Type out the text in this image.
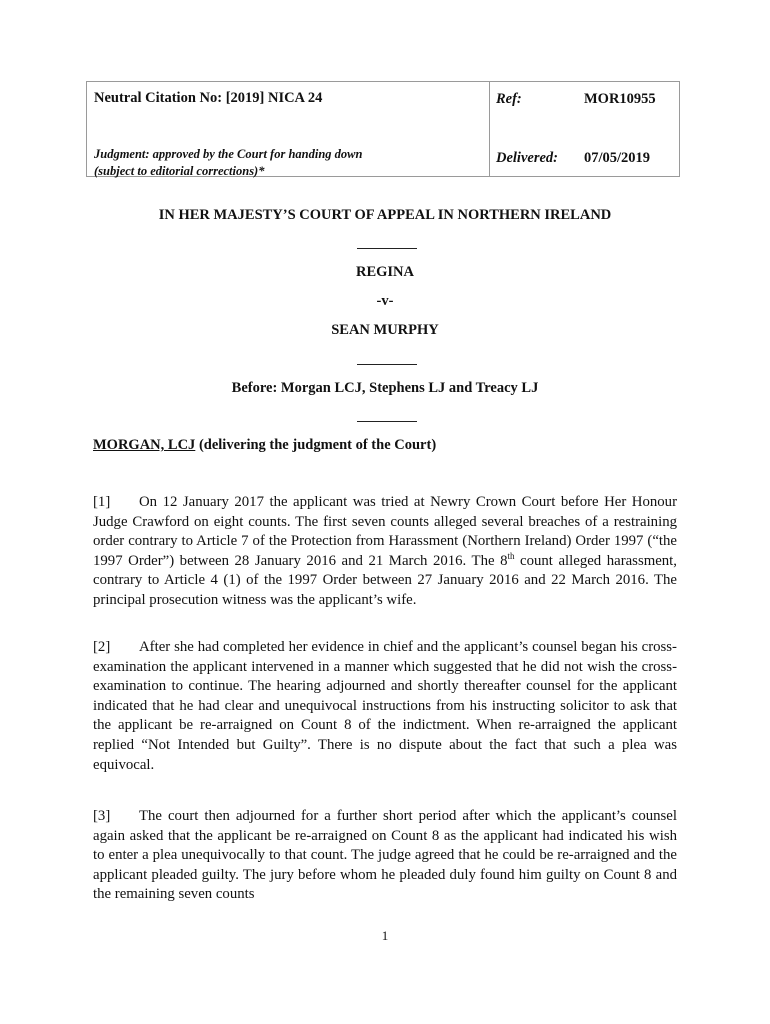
Neutral Citation No: [2019] NICA 24
Judgment: approved by the Court for handing down
(subject to editorial corrections)*
Ref:	MOR10955
Delivered: 07/05/2019
IN HER MAJESTY’S COURT OF APPEAL IN NORTHERN IRELAND
REGINA
-v-
SEAN MURPHY
Before: Morgan LCJ, Stephens LJ and Treacy LJ
MORGAN, LCJ (delivering the judgment of the Court)

[1] On 12 January 2017 the applicant was tried at Newry Crown Court before Her Honour Judge Crawford on eight counts. The first seven counts alleged several breaches of a restraining order contrary to Article 7 of the Protection from Harassment (Northern Ireland) Order 1997 (“the 1997 Order”) between 28 January 2016 and 21 March 2016. The 8th count alleged harassment, contrary to Article 4 (1) of the 1997 Order between 27 January 2016 and 22 March 2016. The principal prosecution witness was the applicant’s wife.

[2] After she had completed her evidence in chief and the applicant’s counsel began his cross-examination the applicant intervened in a manner which suggested that he did not wish the cross-examination to continue. The hearing adjourned and shortly thereafter counsel for the applicant indicated that he had clear and unequivocal instructions from his instructing solicitor to ask that the applicant be re-arraigned on Count 8 of the indictment. When re-arraigned the applicant replied “Not Intended but Guilty”. There is no dispute about the fact that such a plea was equivocal.

[3] The court then adjourned for a further short period after which the applicant’s counsel again asked that the applicant be re-arraigned on Count 8 as the applicant had indicated his wish to enter a plea unequivocally to that count. The judge agreed that he could be re-arraigned and the applicant pleaded guilty. The jury before whom he pleaded duly found him guilty on Count 8 and the remaining seven counts

1
